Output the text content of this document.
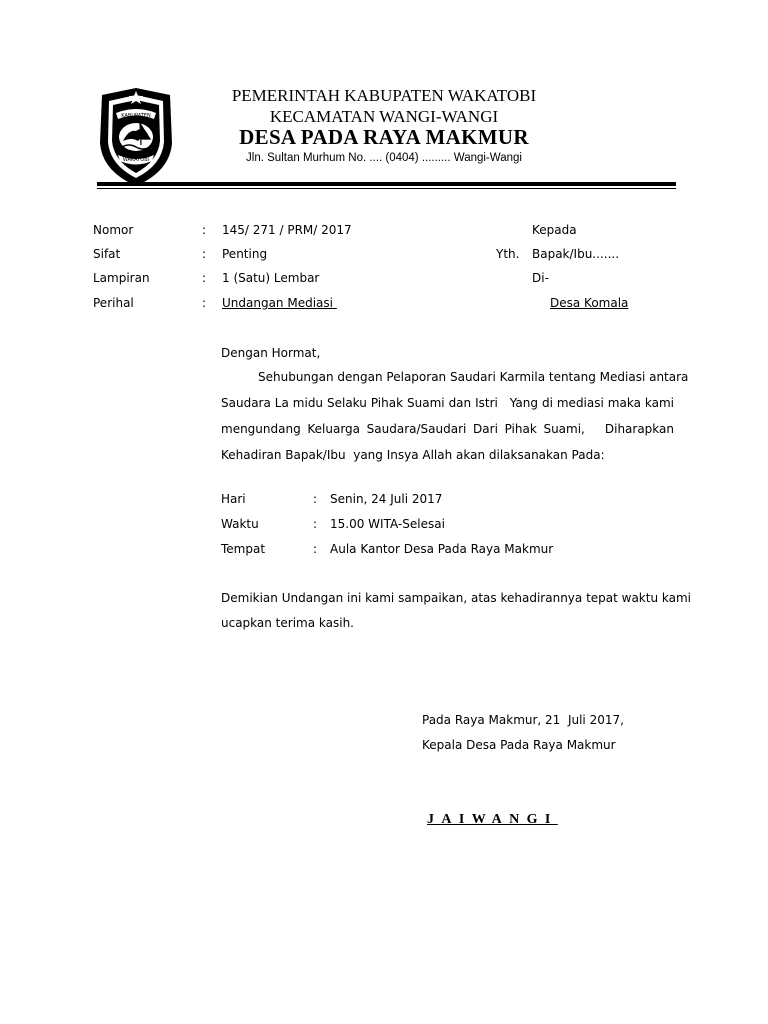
KABUPATEN
WAKATOBI
PEMERINTAH KABUPATEN WAKATOBI
KECAMATAN WANGI-WANGI
DESA PADA RAYA MAKMUR
Jln. Sultan Murhum No. .... (0404) ......... Wangi-Wangi
Nomor	: 145/ 271 / PRM/ 2017
Sifat	: Penting
Lampiran	: 1 (Satu) Lembar
Perihal	: Undangan Mediasi
Kepada
Yth. Bapak/Ibu.......
Di-
Desa Komala
Dengan Hormat,
Sehubungan dengan Pelaporan Saudari Karmila tentang Mediasi antara
Saudara La midu Selaku Pihak Suami dan Istri   Yang di mediasi maka kami
mengundang Keluarga Saudara/Saudari Dari Pihak Suami,   Diharapkan
Kehadiran Bapak/Ibu  yang Insya Allah akan dilaksanakan Pada:
Hari	: Senin, 24 Juli 2017
Waktu	: 15.00 WITA-Selesai
Tempat	: Aula Kantor Desa Pada Raya Makmur
Demikian Undangan ini kami sampaikan, atas kehadirannya tepat waktu kami
ucapkan terima kasih.
Pada Raya Makmur, 21  Juli 2017,
Kepala Desa Pada Raya Makmur
JAIWANGI
